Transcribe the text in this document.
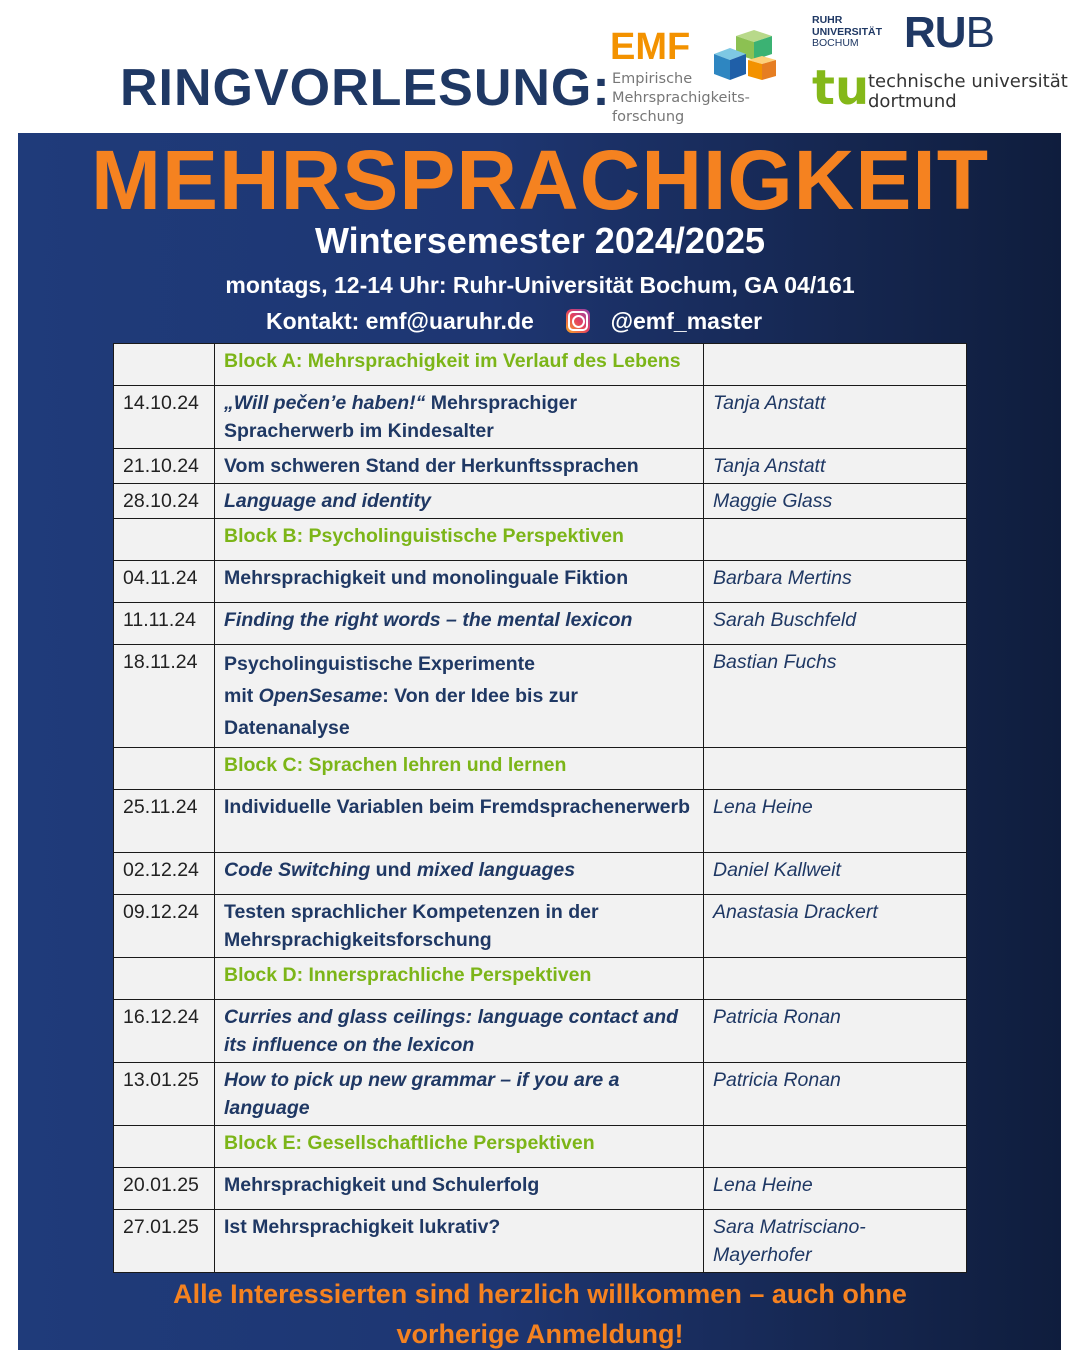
RINGVORLESUNG:
EMF
Empirische
Mehrsprachigkeits-
forschung
RUHR
UNIVERSITÄT
BOCHUM	RUB
tu
technische universität
dortmund
MEHRSPRACHIGKEIT
Wintersemester 2024/2025
montags, 12-14 Uhr: Ruhr-Universität Bochum, GA 04/161
Kontakt: emf@uaruhr.de	@emf_master
	Block A: Mehrsprachigkeit im Verlauf des Lebens	
14.10.24	„Will pečen’e haben!“ Mehrsprachiger Spracherwerb im Kindesalter	Tanja Anstatt
21.10.24	Vom schweren Stand der Herkunftssprachen	Tanja Anstatt
28.10.24	Language and identity	Maggie Glass
	Block B: Psycholinguistische Perspektiven	
04.11.24	Mehrsprachigkeit und monolinguale Fiktion	Barbara Mertins
11.11.24	Finding the right words – the mental lexicon	Sarah Buschfeld
18.11.24	Psycholinguistische Experimente
mit OpenSesame: Von der Idee bis zur
Datenanalyse	Bastian Fuchs
	Block C: Sprachen lehren und lernen	
25.11.24	Individuelle Variablen beim Fremdsprachenerwerb	Lena Heine
02.12.24	Code Switching und mixed languages	Daniel Kallweit
09.12.24	Testen sprachlicher Kompetenzen in der Mehrsprachigkeitsforschung	Anastasia Drackert
	Block D: Innersprachliche Perspektiven	
16.12.24	Curries and glass ceilings: language contact and its influence on the lexicon	Patricia Ronan
13.01.25	How to pick up new grammar – if you are a language	Patricia Ronan
	Block E: Gesellschaftliche Perspektiven	
20.01.25	Mehrsprachigkeit und Schulerfolg	Lena Heine
27.01.25	Ist Mehrsprachigkeit lukrativ?	Sara Matrisciano-Mayerhofer
Alle Interessierten sind herzlich willkommen – auch ohne
vorherige Anmeldung!
